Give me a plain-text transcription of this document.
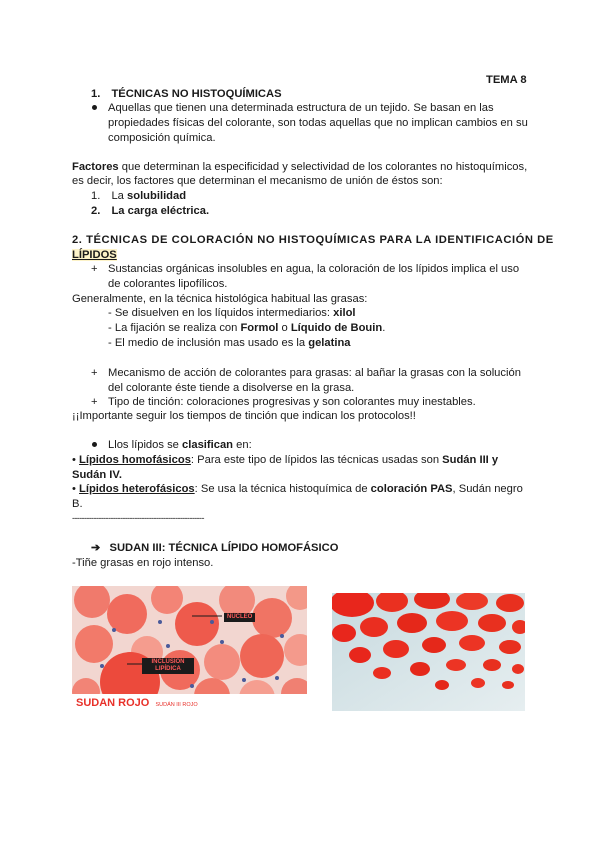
TEMA 8
1. TÉCNICAS NO HISTOQUÍMICAS
Aquellas que tienen una determinada estructura de un tejido. Se basan en las
propiedades físicas del colorante, son todas aquellas que no implican cambios en su
composición química.
Factores que determinan la especificidad y selectividad de los colorantes no histoquímicos,
es decir, los factores que determinan el mecanismo de unión de éstos son:
1. La solubilidad
2. La carga eléctrica.
2. TÉCNICAS DE COLORACIÓN NO HISTOQUÍMICAS PARA LA IDENTIFICACIÓN DE
LÍPIDOS
+ Sustancias orgánicas insolubles en agua, la coloración de los lípidos implica el uso
de colorantes lipofílicos.
Generalmente, en la técnica histológica habitual las grasas:
- Se disuelven en los líquidos intermediarios: xilol
- La fijación se realiza con Formol o Líquido de Bouin.
- El medio de inclusión mas usado es la gelatina
+ Mecanismo de acción de colorantes para grasas: al bañar la grasas con la solución
del colorante éste tiende a disolverse en la grasa.
+ Tipo de tinción: coloraciones progresivas y son colorantes muy inestables.
¡¡Importante seguir los tiempos de tinción que indican los protocolos!!
Llos lípidos se clasifican en:
• Lípidos homofásicos: Para este tipo de lípidos las técnicas usadas son Sudán III y
Sudán IV.
• Lípidos heterofásicos: Se usa la técnica histoquímica de coloración PAS, Sudán negro
B.
-------------------------------------------------------
➔ SUDAN III: TÉCNICA LÍPIDO HOMOFÁSICO
-Tiñe grasas en rojo intenso.
NÚCLEO
INCLUSIÓN
LIPÍDICA
SUDAN ROJO SUDÁN III ROJO
